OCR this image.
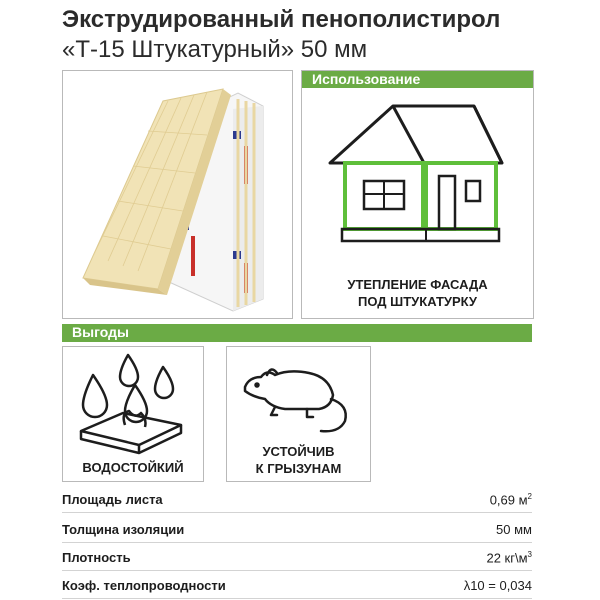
Экструдированный пенополистирол
«Т-15 Штукатурный» 50 мм
Использование
УТЕПЛЕНИЕ ФАСАДА
ПОД ШТУКАТУРКУ
Выгоды
ВОДОСТОЙКИЙ
УСТОЙЧИВ
К ГРЫЗУНАМ
Площадь листа	0,69 $м^2$
Толщина изоляции	50 мм
Плотность	22 $кг\backslash м^3$
Коэф. теплопроводности	λ10 = 0,034
